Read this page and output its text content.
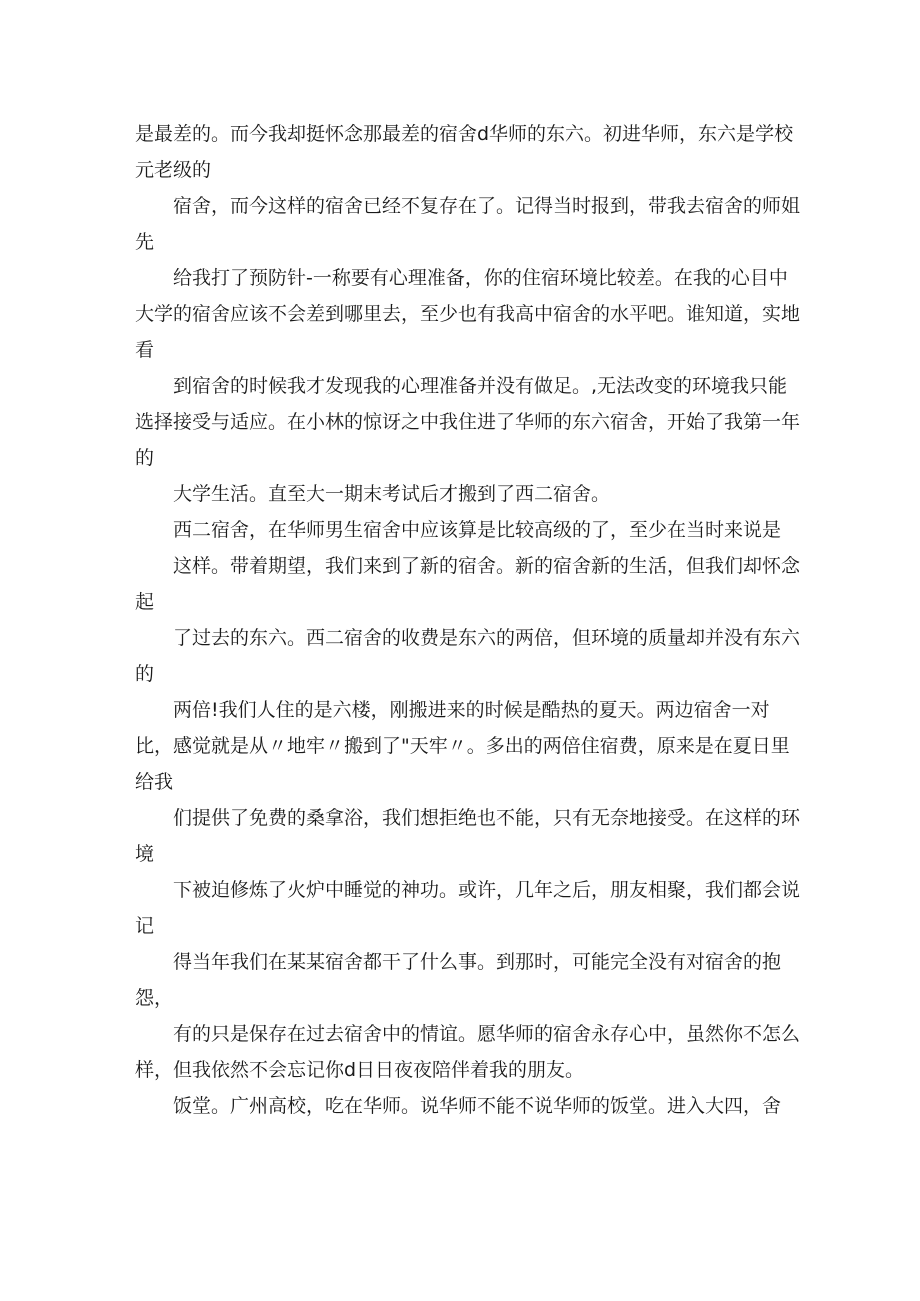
是最差的。而今我却挺怀念那最差的宿舍d华师的东六。初进华师，东六是学校元老级的

宿舍，而今这样的宿舍已经不复存在了。记得当时报到，带我去宿舍的师姐先

给我打了预防针-一称要有心理准备，你的住宿环境比较差。在我的心目中大学的宿舍应该不会差到哪里去，至少也有我高中宿舍的水平吧。谁知道，实地看

到宿舍的时候我才发现我的心理准备并没有做足。,无法改变的环境我只能选择接受与适应。在小林的惊讶之中我住进了华师的东六宿舍，开始了我第一年的

大学生活。直至大一期末考试后才搬到了西二宿舍。

西二宿舍，在华师男生宿舍中应该算是比较高级的了，至少在当时来说是

这样。带着期望，我们来到了新的宿舍。新的宿舍新的生活，但我们却怀念起

了过去的东六。西二宿舍的收费是东六的两倍，但环境的质量却并没有东六的

两倍!我们人住的是六楼，刚搬进来的时候是酷热的夏天。两边宿舍一对比，感觉就是从〃地牢〃搬到了"天牢〃。多出的两倍住宿费，原来是在夏日里给我

们提供了免费的桑拿浴，我们想拒绝也不能，只有无奈地接受。在这样的环境

下被迫修炼了火炉中睡觉的神功。或许，几年之后，朋友相聚，我们都会说记

得当年我们在某某宿舍都干了什么事。到那时，可能完全没有对宿舍的抱怨，

有的只是保存在过去宿舍中的情谊。愿华师的宿舍永存心中，虽然你不怎么样，但我依然不会忘记你d日日夜夜陪伴着我的朋友。

饭堂。广州高校，吃在华师。说华师不能不说华师的饭堂。进入大四，舍
